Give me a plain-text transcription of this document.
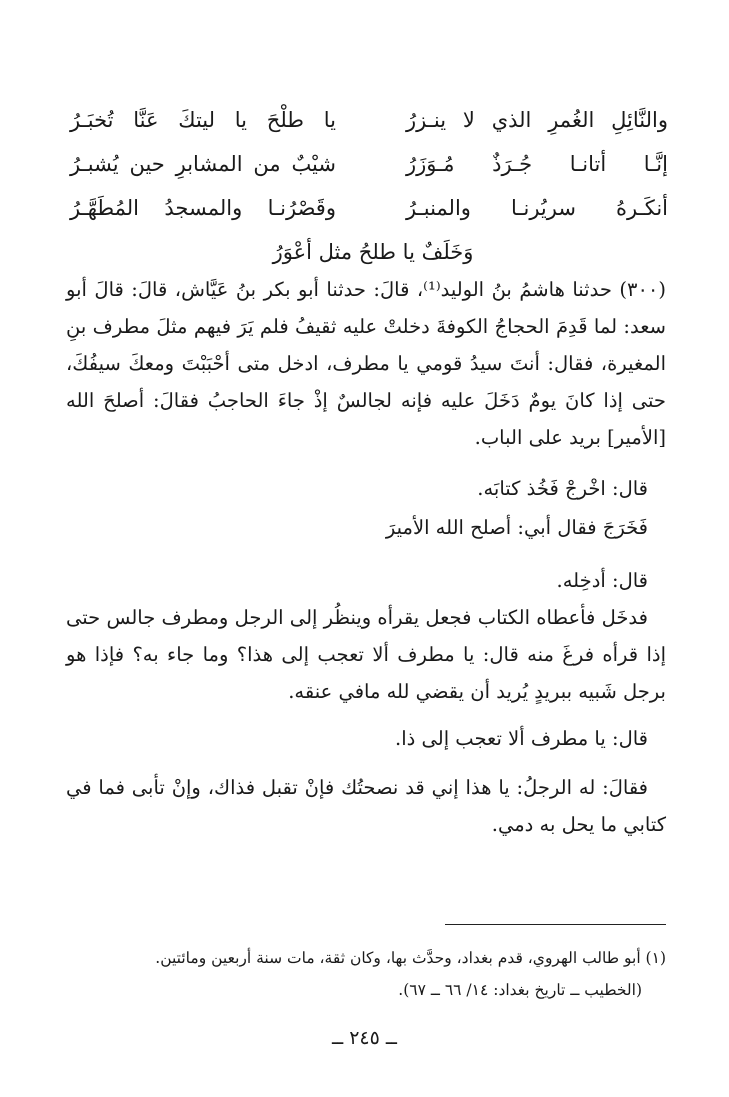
والنَّائِلِ الغُمرِ الذي لا ينـزرُ
يا طلْحَ يا ليتكَ عَنَّا تُخبَـرُ
إنَّـا أتانـا جُـرَذٌ مُـوَزَرُ
شيْبٌ من المشابرِ حين يُشبـرُ
أنكَـرهُ سريُرنـا والمنبـرُ
وقَصْرُنـا والمسجدُ المُطَهَّـرُ
وَخَلَفٌ يا طلحُ مثل أعْوَرُ

(٣٠٠) حدثنا هاشمُ بنُ الوليد⁽¹⁾، قالَ: حدثنا أبو بكر بنُ عَيَّاش، قالَ: قالَ أبو سعد: لما قَدِمَ الحجاجُ الكوفةَ دخلتْ عليه ثقيفُ فلم يَرَ فيهم مثلَ مطرف بنِ المغيرة، فقال: أنتَ سيدُ قومي يا مطرف، ادخل متى أحْبَبْتَ ومعكَ سيفُكَ، حتى إذا كانَ يومٌ دَخَلَ عليه فإنه لجالسٌ إذْ جاءَ الحاجبُ فقالَ: أصلحَ الله [الأمير] بريد على الباب.

قال: اخْرجْ فَخُذ كتابَه.

فَخَرَجَ فقال أبي: أصلح الله الأميرَ

قال: أدخِله.

فدخَل فأعطاه الكتاب فجعل يقرأه وينظُر إلى الرجل ومطرف جالس حتى إذا قرأه فرغَ منه قال: يا مطرف ألا تعجب إلى هذا؟ وما جاء به؟ فإذا هو برجل شَبيه ببريدٍ يُريد أن يقضي لله مافي عنقه.

قال: يا مطرف ألا تعجب إلى ذا.

فقالَ: له الرجلُ: يا هذا إني قد نصحتُك فإنْ تقبل فذاك، وإنْ تأبى فما في كتابي ما يحل به دمي.

(١) أبو طالب الهروي، قدم بغداد، وحدَّث بها، وكان ثقة، مات سنة أربعين ومائتين.
(الخطيب ــ تاريخ بغداد: ١٤/ ٦٦ ــ ٦٧).
ــ ٢٤٥ ــ
